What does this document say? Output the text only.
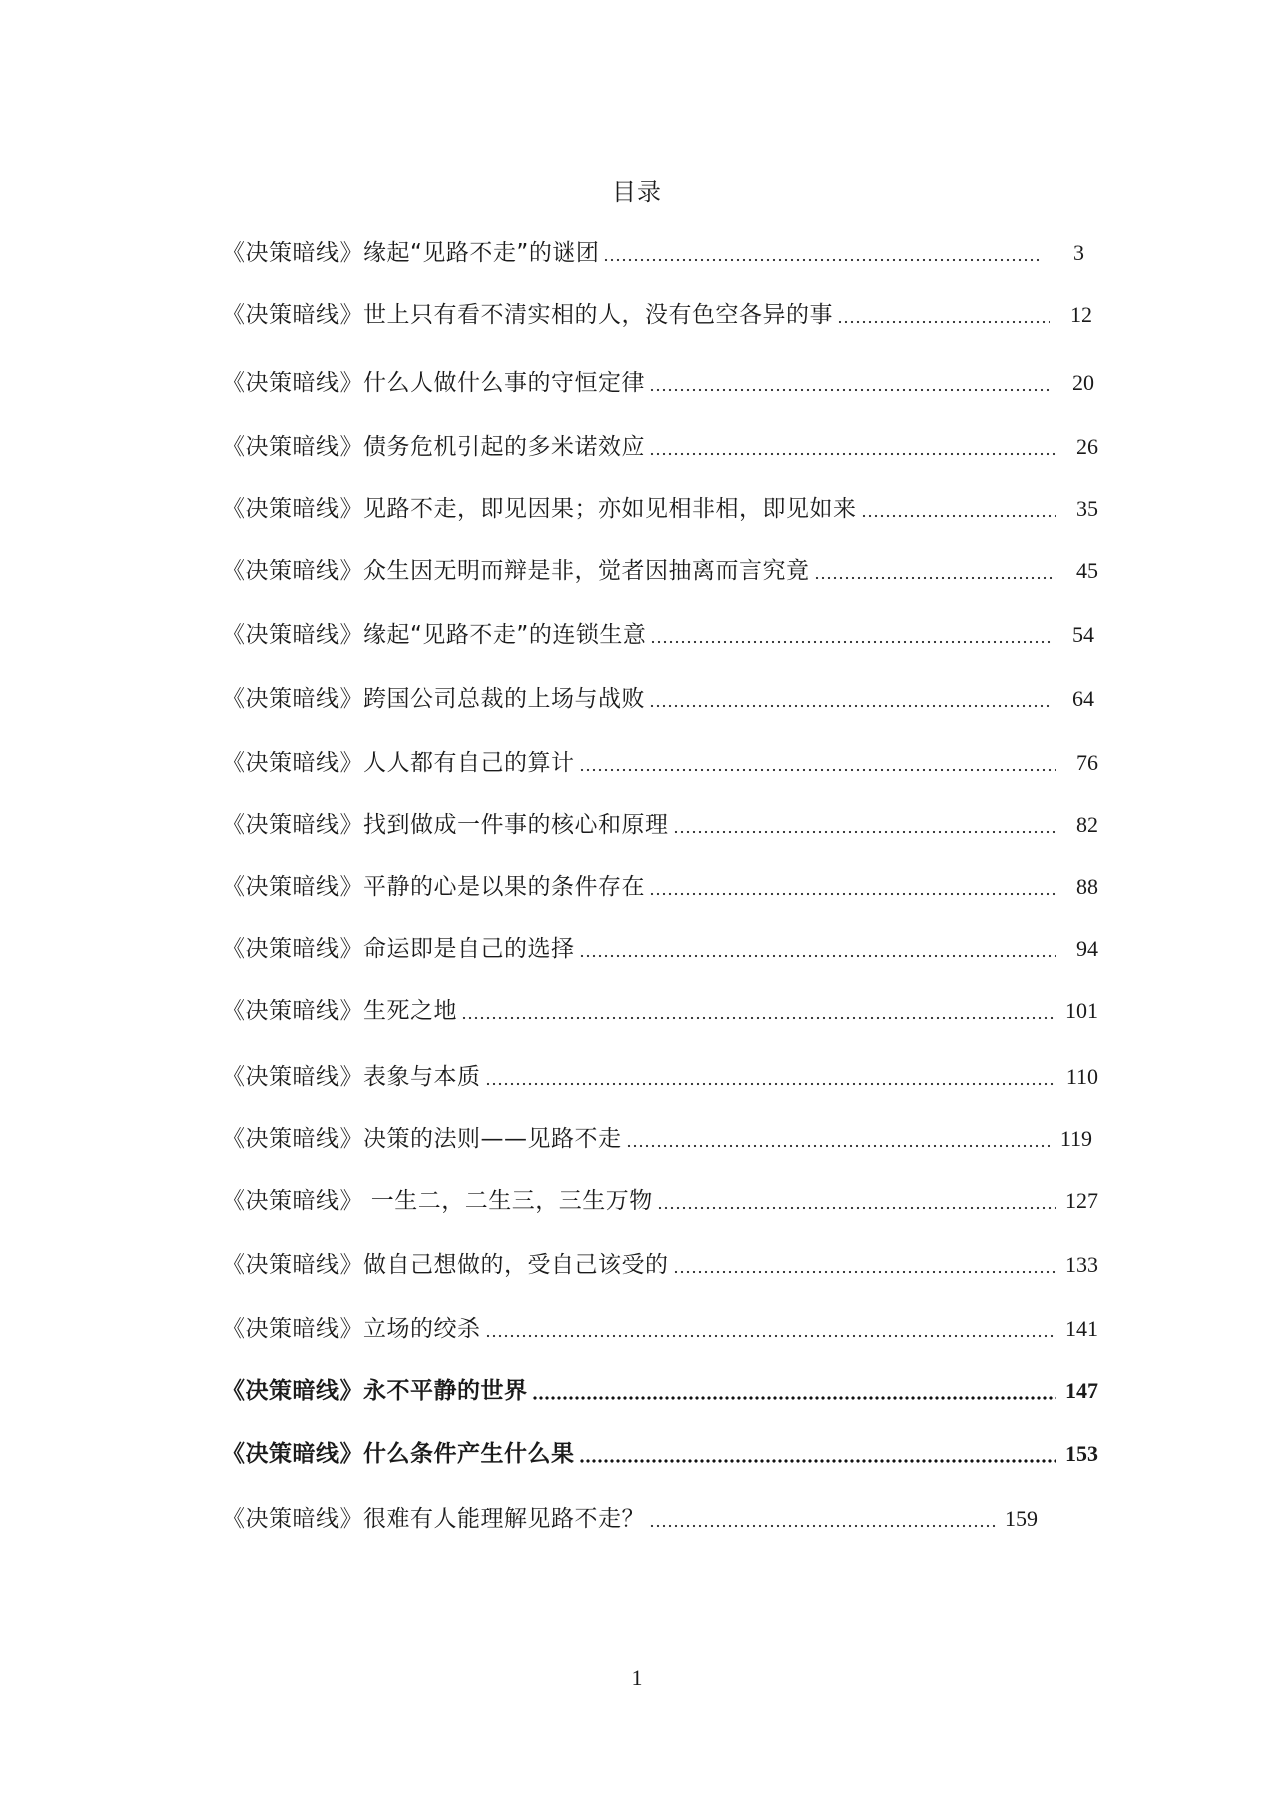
目录
《决策暗线》缘起“见路不走”的谜团	3
《决策暗线》世上只有看不清实相的人，没有色空各异的事	12
《决策暗线》什么人做什么事的守恒定律	20
《决策暗线》债务危机引起的多米诺效应	26
《决策暗线》见路不走，即见因果；亦如见相非相，即见如来	35
《决策暗线》众生因无明而辩是非，觉者因抽离而言究竟	45
《决策暗线》缘起“见路不走”的连锁生意	54
《决策暗线》跨国公司总裁的上场与战败	64
《决策暗线》人人都有自己的算计	76
《决策暗线》找到做成一件事的核心和原理	82
《决策暗线》平静的心是以果的条件存在	88
《决策暗线》命运即是自己的选择	94
《决策暗线》生死之地	101
《决策暗线》表象与本质	110
《决策暗线》决策的法则——见路不走	119
《决策暗线》 一生二，二生三，三生万物	127
《决策暗线》做自己想做的，受自己该受的	133
《决策暗线》立场的绞杀	141
《决策暗线》永不平静的世界	147
《决策暗线》什么条件产生什么果	153
《决策暗线》很难有人能理解见路不走？	159
1
